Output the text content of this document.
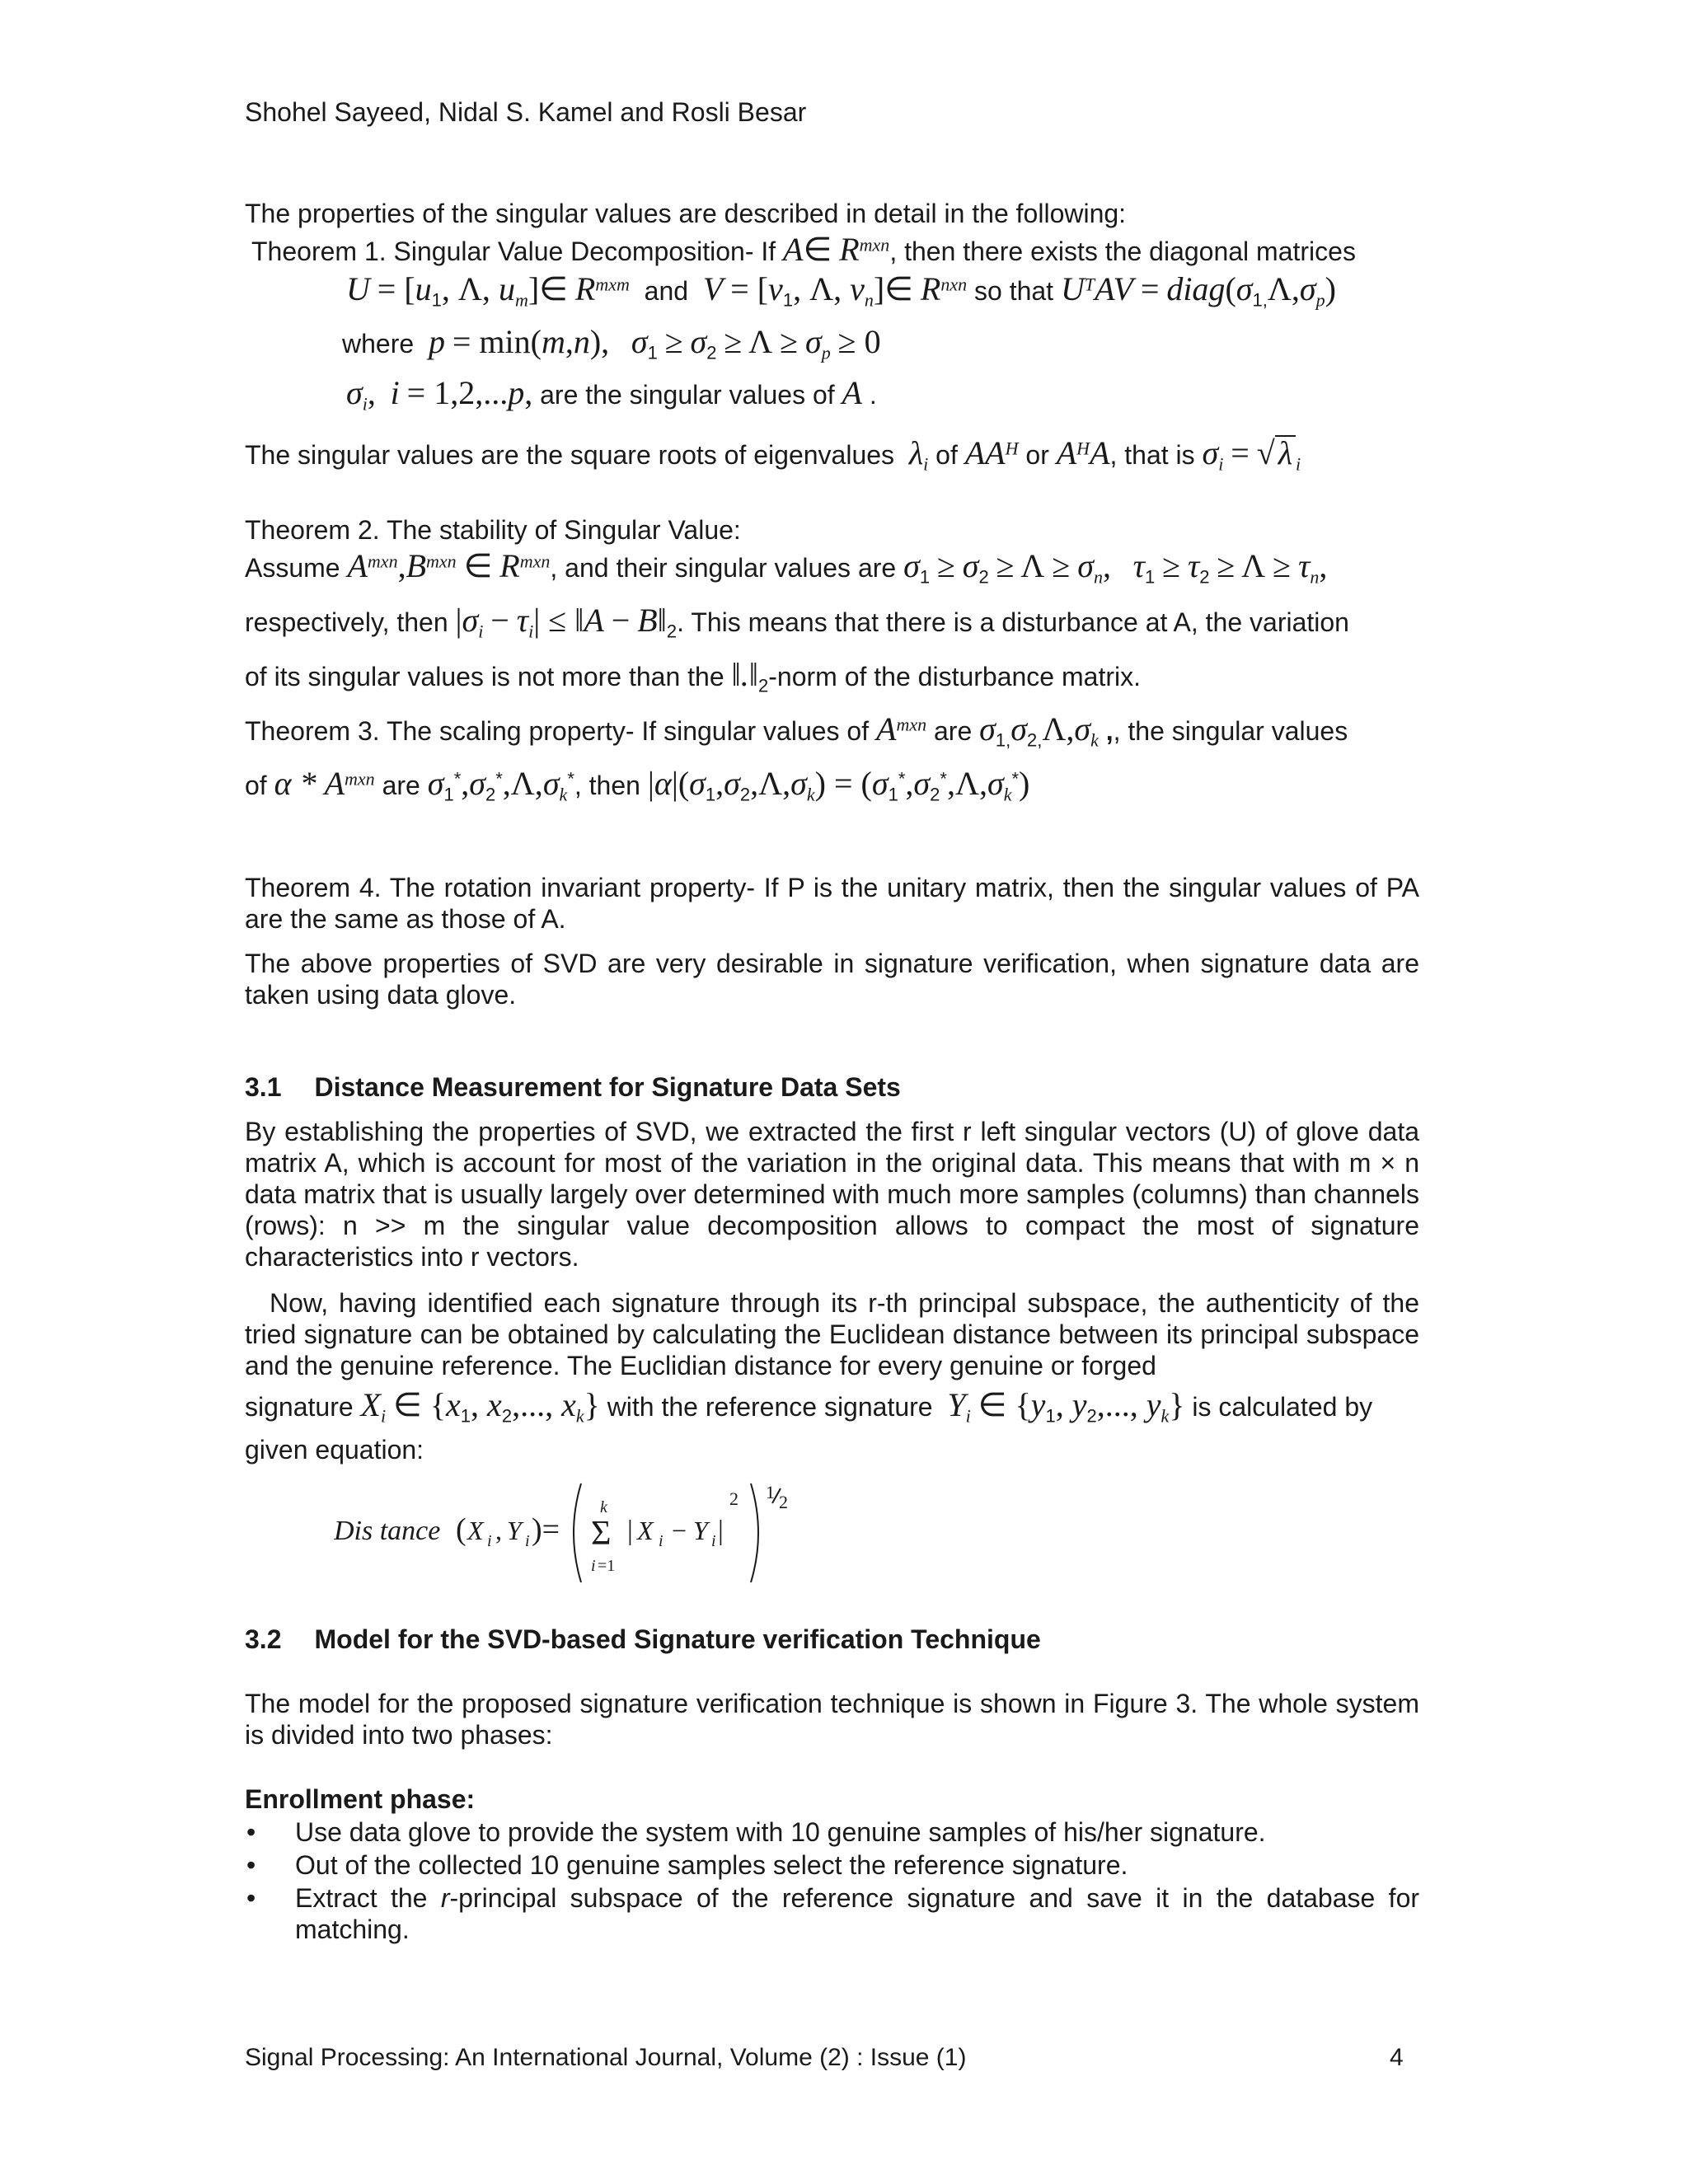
Shohel Sayeed, Nidal S. Kamel and Rosli Besar
The properties of the singular values are described in detail in the following:
Theorem 1. Singular Value Decomposition- If A∈ $R^{mxn}$, then there exists the diagonal matrices
$U = [u_1$, Λ, $u_m]\in$ $R^{mxm}$ and $V = [v_1$, Λ, $v_n]\in$ $R^{nxn}$ so that $U^TAV$ = $diag(\sigma_{1,}\Lambda,\sigma_p)$
where p = min(m,n), $\sigma_1 \ge \sigma_2 \ge \Lambda \ge \sigma_p \ge 0$
$\sigma_i$, i = 1,2,...p, are the singular values of A .
The singular values are the square roots of eigenvalues $\lambda_i$ of $AA^H$ or $A^HA$, that is $\sigma_i$ = √ λ $_i$
Theorem 2. The stability of Singular Value:
Assume $A^{mxn},B^{mxn}$ ∈ $R^{mxn}$, and their singular values are $\sigma_1 \ge \sigma_2 \ge \Lambda \ge \sigma_n$, $\tau_1 \ge \tau_2 \ge \Lambda \ge \tau_n$,
respectively, then $|\sigma_i - \tau_i|$ ≤ ‖A − $B‖_2$. This means that there is a disturbance at A, the variation
of its singular values is not more than the $‖.‖_2$-norm of the disturbance matrix.
Theorem 3. The scaling property- If singular values of $A^{mxn}$ are $\sigma_{1,}\sigma_{2,}\Lambda,\sigma_k$ ,, the singular values
of α * $A^{mxn}$ are $\sigma_1^*,\sigma_2^*,\Lambda,\sigma_k^*$, then $|\alpha|(\sigma_1,\sigma_2,\Lambda,\sigma_k) = (\sigma_1^*,\sigma_2^*,\Lambda,\sigma_k^*)$
Theorem 4. The rotation invariant property- If P is the unitary matrix, then the singular values of PA are the same as those of A.
The above properties of SVD are very desirable in signature verification, when signature data are taken using data glove.
3.1 Distance Measurement for Signature Data Sets
By establishing the properties of SVD, we extracted the first r left singular vectors (U) of glove data matrix A, which is account for most of the variation in the original data. This means that with m × n data matrix that is usually largely over determined with much more samples (columns) than channels (rows): n >> m the singular value decomposition allows to compact the most of signature characteristics into r vectors.
Now, having identified each signature through its r-th principal subspace, the authenticity of the tried signature can be obtained by calculating the Euclidean distance between its principal subspace and the genuine reference. The Euclidian distance for every genuine or forged
signature $X_i$ ∈ {$x_1$, $x_2$,..., $x_k$} with the reference signature $Y_i$ ∈ {$y_1$, $y_2$,..., $y_k$} is calculated by
given equation:
Dis tance ( X i , Y i )=
k
Σ
i =1
| X i − Y i |
2 1 2
3.2 Model for the SVD-based Signature verification Technique
The model for the proposed signature verification technique is shown in Figure 3. The whole system is divided into two phases:
Enrollment phase:
• Use data glove to provide the system with 10 genuine samples of his/her signature.
• Out of the collected 10 genuine samples select the reference signature.
• Extract the r-principal subspace of the reference signature and save it in the database for matching.
Signal Processing: An International Journal, Volume (2) : Issue (1)	4
